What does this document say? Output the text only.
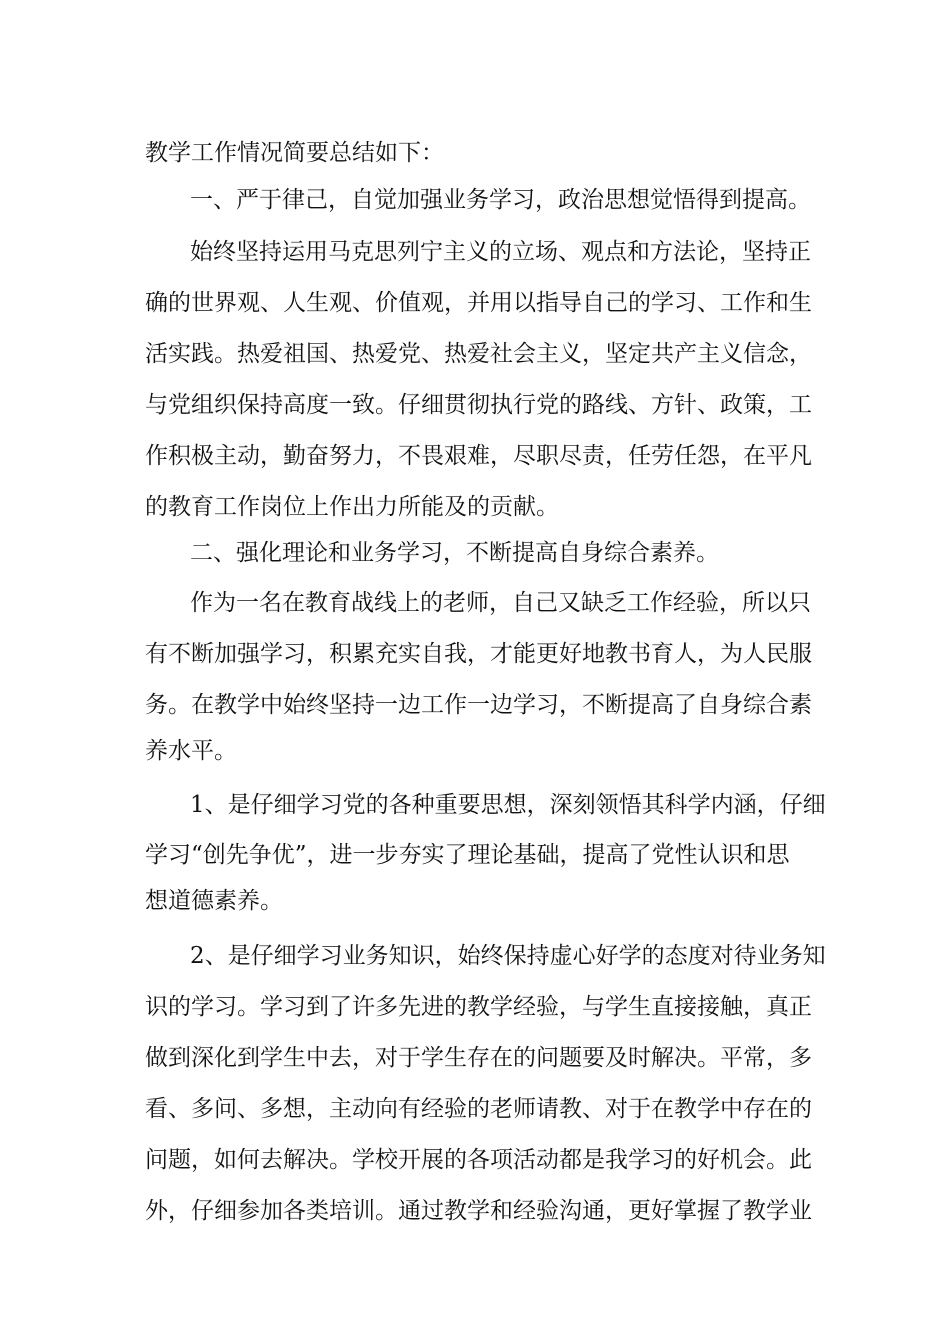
教学工作情况简要总结如下：
一、严于律己，自觉加强业务学习，政治思想觉悟得到提高。
始终坚持运用马克思列宁主义的立场、观点和方法论，坚持正
确的世界观、人生观、价值观，并用以指导自己的学习、工作和生
活实践。热爱祖国、热爱党、热爱社会主义，坚定共产主义信念，
与党组织保持高度一致。仔细贯彻执行党的路线、方针、政策，工
作积极主动，勤奋努力，不畏艰难，尽职尽责，任劳任怨，在平凡
的教育工作岗位上作出力所能及的贡献。
二、强化理论和业务学习，不断提高自身综合素养。
作为一名在教育战线上的老师，自己又缺乏工作经验，所以只
有不断加强学习，积累充实自我，才能更好地教书育人，为人民服
务。在教学中始终坚持一边工作一边学习，不断提高了自身综合素
养水平。
1、是仔细学习党的各种重要思想，深刻领悟其科学内涵，仔细
学习“创先争优”，进一步夯实了理论基础，提高了党性认识和思
想道德素养。
2、是仔细学习业务知识，始终保持虚心好学的态度对待业务知
识的学习。学习到了许多先进的教学经验，与学生直接接触，真正
做到深化到学生中去，对于学生存在的问题要及时解决。平常，多
看、多问、多想，主动向有经验的老师请教、对于在教学中存在的
问题，如何去解决。学校开展的各项活动都是我学习的好机会。此
外，仔细参加各类培训。通过教学和经验沟通，更好掌握了教学业
